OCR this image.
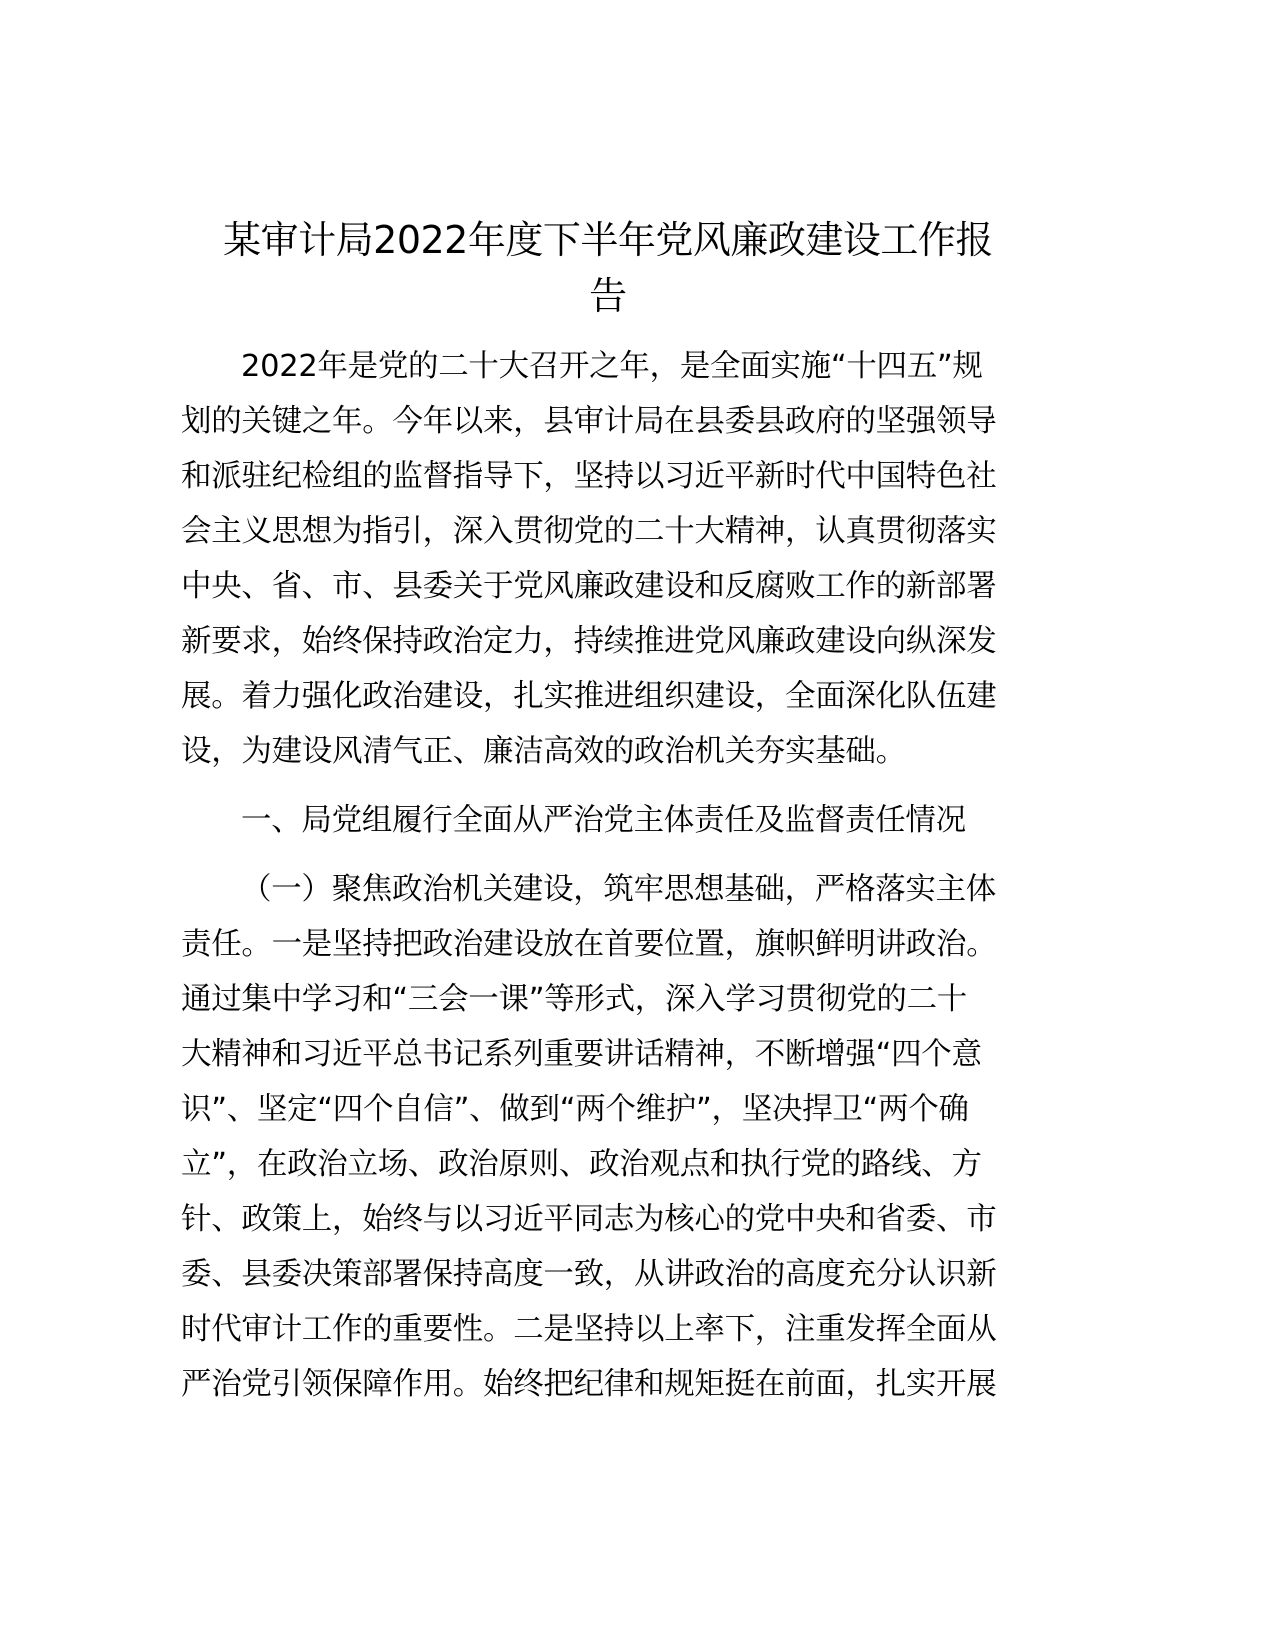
某审计局2022年度下半年党风廉政建设工作报
告
2022年是党的二十大召开之年，是全面实施“十四五”规
划的关键之年。今年以来，县审计局在县委县政府的坚强领导
和派驻纪检组的监督指导下，坚持以习近平新时代中国特色社
会主义思想为指引，深入贯彻党的二十大精神，认真贯彻落实
中央、省、市、县委关于党风廉政建设和反腐败工作的新部署
新要求，始终保持政治定力，持续推进党风廉政建设向纵深发
展。着力强化政治建设，扎实推进组织建设，全面深化队伍建
设，为建设风清气正、廉洁高效的政治机关夯实基础。
一、局党组履行全面从严治党主体责任及监督责任情况
（一）聚焦政治机关建设，筑牢思想基础，严格落实主体
责任。一是坚持把政治建设放在首要位置，旗帜鲜明讲政治。
通过集中学习和“三会一课”等形式，深入学习贯彻党的二十
大精神和习近平总书记系列重要讲话精神，不断增强“四个意
识”、坚定“四个自信”、做到“两个维护”，坚决捍卫“两个确
立”，在政治立场、政治原则、政治观点和执行党的路线、方
针、政策上，始终与以习近平同志为核心的党中央和省委、市
委、县委决策部署保持高度一致，从讲政治的高度充分认识新
时代审计工作的重要性。二是坚持以上率下，注重发挥全面从
严治党引领保障作用。始终把纪律和规矩挺在前面，扎实开展
